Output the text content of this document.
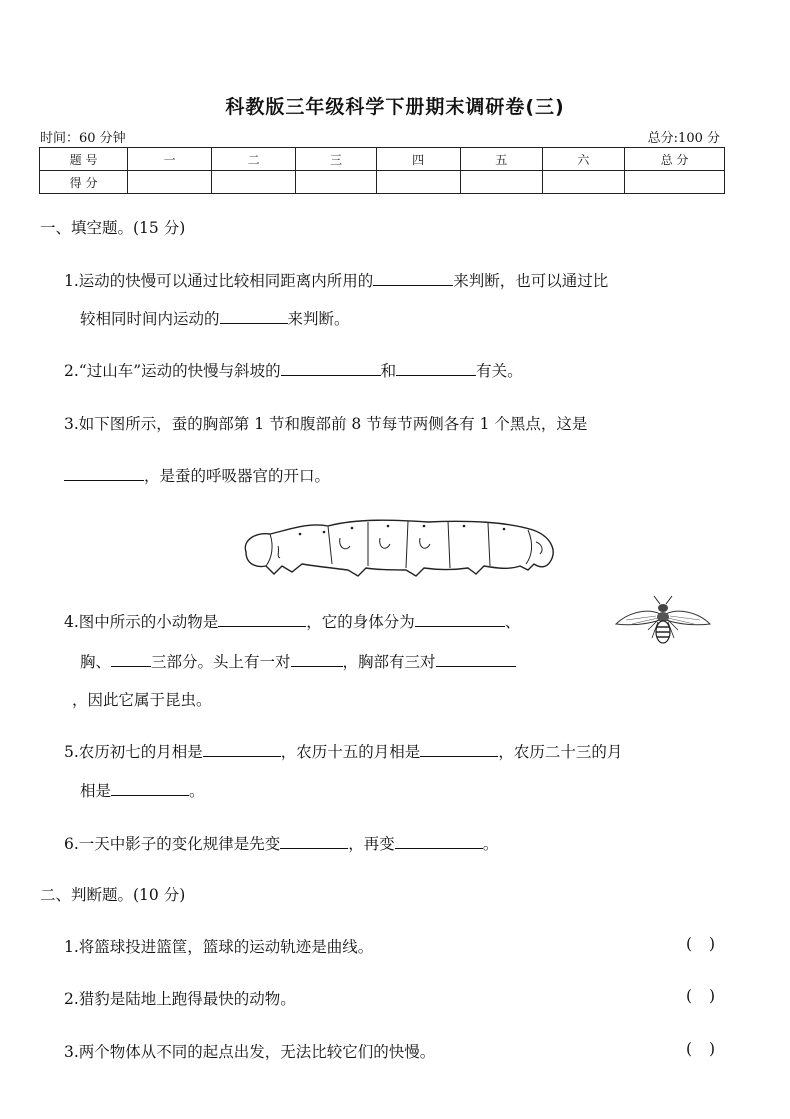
科教版三年级科学下册期末调研卷(三)
时间：60 分钟	总分:100 分
题 号	一	二	三	四	五	六	总 分
得 分							
一、填空题。(15 分)
1.运动的快慢可以通过比较相同距离内所用的	来判断，也可以通过比
较相同时间内运动的	来判断。
2.“过山车”运动的快慢与斜坡的	和	有关。
3.如下图所示，蚕的胸部第 1 节和腹部前 8 节每节两侧各有 1 个黑点，这是
，是蚕的呼吸器官的开口。
4.图中所示的小动物是	，它的身体分为	、
胸、	三部分。头上有一对	，胸部有三对
，因此它属于昆虫。
5.农历初七的月相是	，农历十五的月相是	，农历二十三的月
相是	。
6.一天中影子的变化规律是先变	，再变	。
二、判断题。(10 分)
1.将篮球投进篮筐，篮球的运动轨迹是曲线。	( )
2.猎豹是陆地上跑得最快的动物。	( )
3.两个物体从不同的起点出发，无法比较它们的快慢。	( )
